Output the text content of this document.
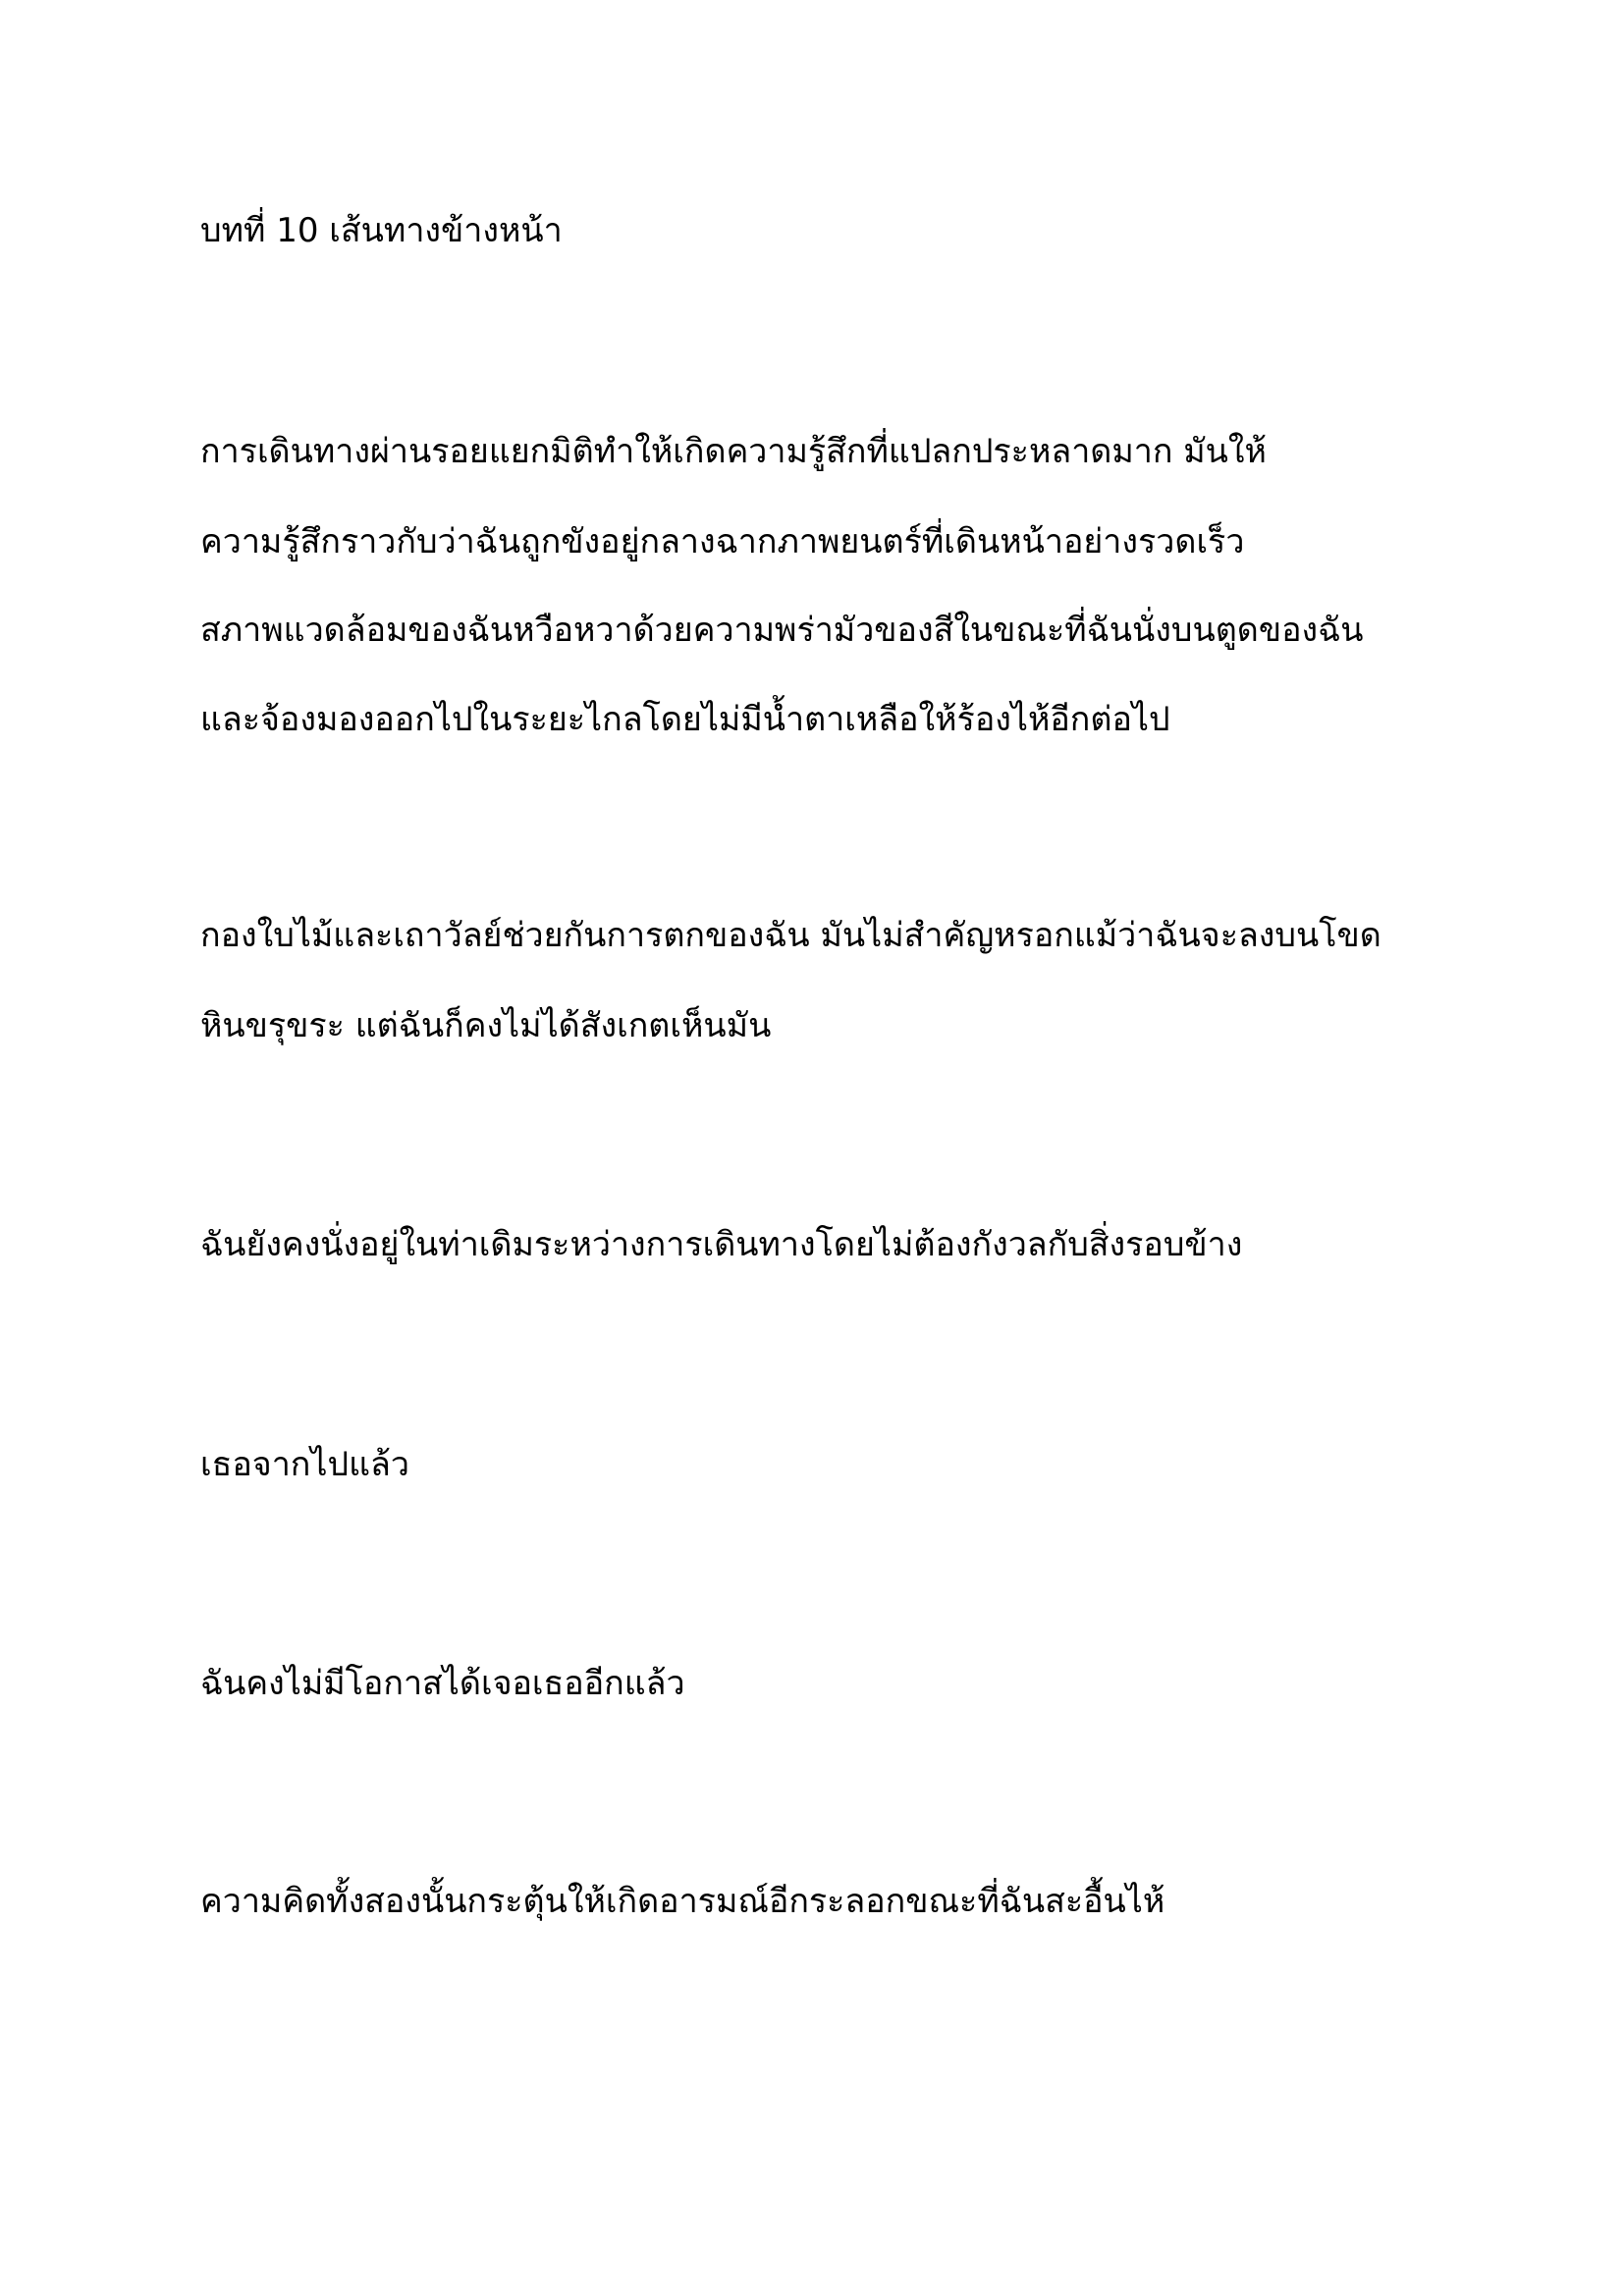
บทที่ 10 เส้นทางข้างหน้า

การเดินทางผ่านรอยแยกมิติทำให้เกิดความรู้สึกที่แปลกประหลาดมาก มันให้

ความรู้สึกราวกับว่าฉันถูกขังอยู่กลางฉากภาพยนตร์ที่เดินหน้าอย่างรวดเร็ว

สภาพแวดล้อมของฉันหวือหวาด้วยความพร่ามัวของสีในขณะที่ฉันนั่งบนตูดของฉัน

และจ้องมองออกไปในระยะไกลโดยไม่มีน้ำตาเหลือให้ร้องไห้อีกต่อไป

กองใบไม้และเถาวัลย์ช่วยกันการตกของฉัน มันไม่สำคัญหรอกแม้ว่าฉันจะลงบนโขด

หินขรุขระ แต่ฉันก็คงไม่ได้สังเกตเห็นมัน

ฉันยังคงนั่งอยู่ในท่าเดิมระหว่างการเดินทางโดยไม่ต้องกังวลกับสิ่งรอบข้าง

เธอจากไปแล้ว

ฉันคงไม่มีโอกาสได้เจอเธออีกแล้ว

ความคิดทั้งสองนั้นกระตุ้นให้เกิดอารมณ์อีกระลอกขณะที่ฉันสะอื้นไห้
